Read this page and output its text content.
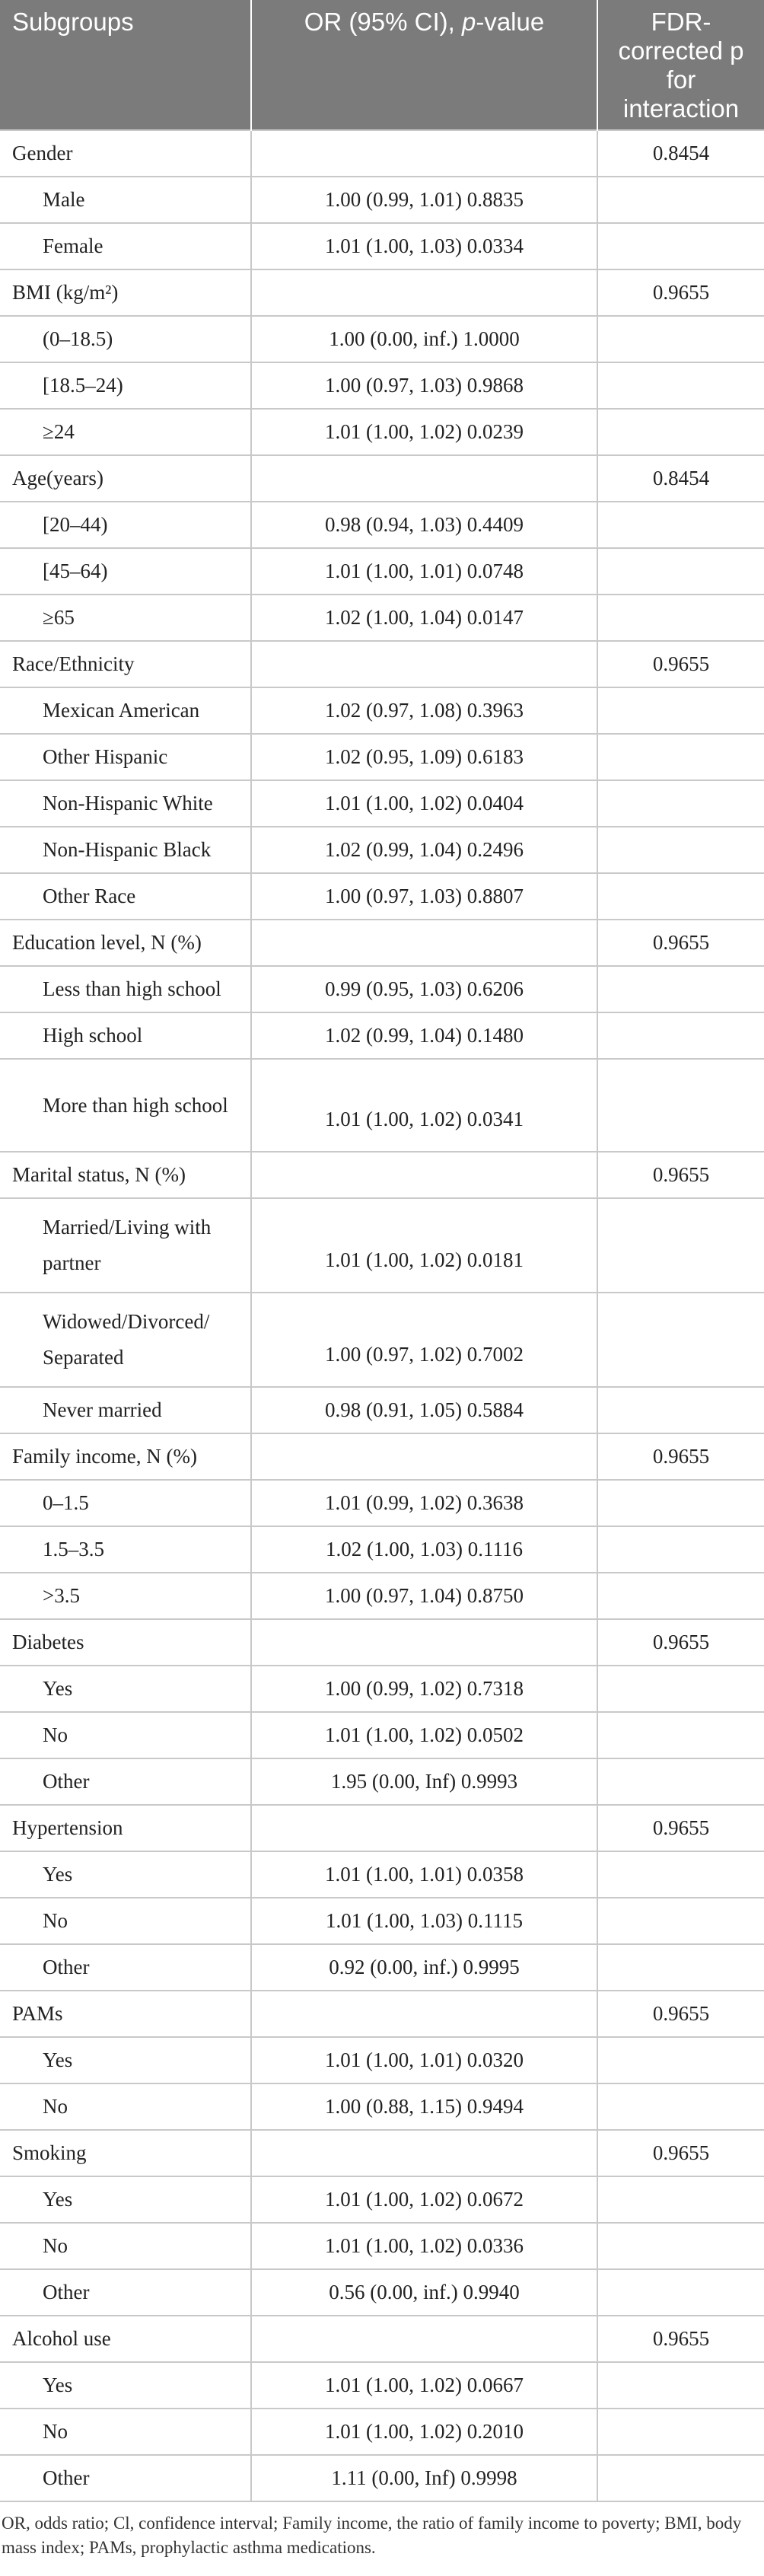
Subgroups	OR (95% CI), p-value	FDR-corrected p for interaction
Gender		0.8454
Male	1.00 (0.99, 1.01) 0.8835	
Female	1.01 (1.00, 1.03) 0.0334	
BMI (kg/m²)		0.9655
(0–18.5)	1.00 (0.00, inf.) 1.0000	
[18.5–24)	1.00 (0.97, 1.03) 0.9868	
≥24	1.01 (1.00, 1.02) 0.0239	
Age(years)		0.8454
[20–44)	0.98 (0.94, 1.03) 0.4409	
[45–64)	1.01 (1.00, 1.01) 0.0748	
≥65	1.02 (1.00, 1.04) 0.0147	
Race/Ethnicity		0.9655
Mexican American	1.02 (0.97, 1.08) 0.3963	
Other Hispanic	1.02 (0.95, 1.09) 0.6183	
Non-Hispanic White	1.01 (1.00, 1.02) 0.0404	
Non-Hispanic Black	1.02 (0.99, 1.04) 0.2496	
Other Race	1.00 (0.97, 1.03) 0.8807	
Education level, N (%)		0.9655
Less than high school	0.99 (0.95, 1.03) 0.6206	
High school	1.02 (0.99, 1.04) 0.1480	
More than high school	1.01 (1.00, 1.02) 0.0341	
Marital status, N (%)		0.9655
Married/Living with partner	1.01 (1.00, 1.02) 0.0181	
Widowed/Divorced/ Separated	1.00 (0.97, 1.02) 0.7002	
Never married	0.98 (0.91, 1.05) 0.5884	
Family income, N (%)		0.9655
0–1.5	1.01 (0.99, 1.02) 0.3638	
1.5–3.5	1.02 (1.00, 1.03) 0.1116	
>3.5	1.00 (0.97, 1.04) 0.8750	
Diabetes		0.9655
Yes	1.00 (0.99, 1.02) 0.7318	
No	1.01 (1.00, 1.02) 0.0502	
Other	1.95 (0.00, Inf) 0.9993	
Hypertension		0.9655
Yes	1.01 (1.00, 1.01) 0.0358	
No	1.01 (1.00, 1.03) 0.1115	
Other	0.92 (0.00, inf.) 0.9995	
PAMs		0.9655
Yes	1.01 (1.00, 1.01) 0.0320	
No	1.00 (0.88, 1.15) 0.9494	
Smoking		0.9655
Yes	1.01 (1.00, 1.02) 0.0672	
No	1.01 (1.00, 1.02) 0.0336	
Other	0.56 (0.00, inf.) 0.9940	
Alcohol use		0.9655
Yes	1.01 (1.00, 1.02) 0.0667	
No	1.01 (1.00, 1.02) 0.2010	
Other	1.11 (0.00, Inf) 0.9998	
OR, odds ratio; Cl, confidence interval; Family income, the ratio of family income to poverty; BMI, body mass index; PAMs, prophylactic asthma medications.
